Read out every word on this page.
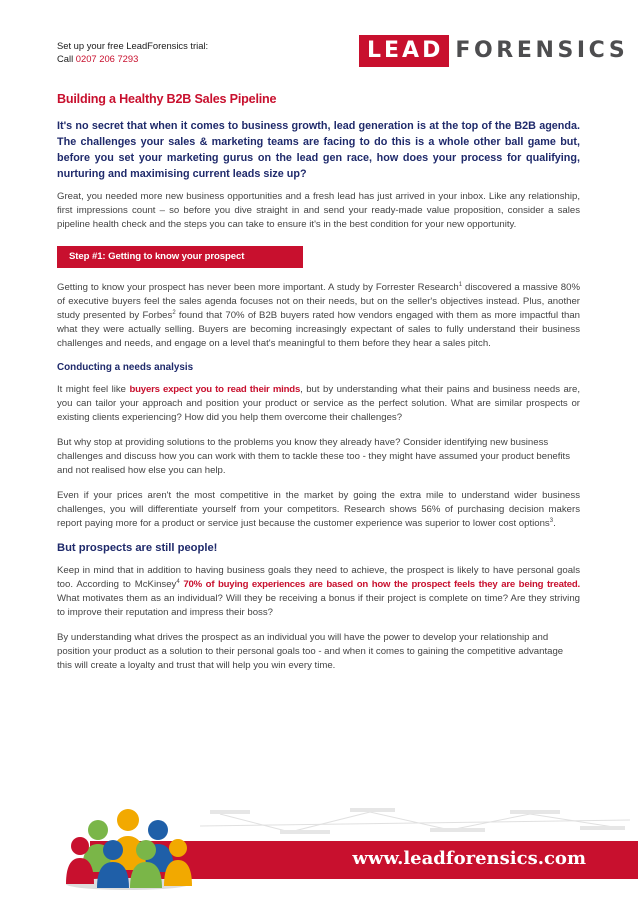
Set up your free LeadForensics trial:
Call 0207 206 7293	LEAD FORENSICS
Building a Healthy B2B Sales Pipeline
It's no secret that when it comes to business growth, lead generation is at the top of the B2B agenda. The challenges your sales & marketing teams are facing to do this is a whole other ball game but, before you set your marketing gurus on the lead gen race, how does your process for qualifying, nurturing and maximising current leads size up?
Great, you needed more new business opportunities and a fresh lead has just arrived in your inbox. Like any relationship, first impressions count – so before you dive straight in and send your ready-made value proposition, consider a sales pipeline health check and the steps you can take to ensure it's in the best condition for your new opportunity.
Step #1: Getting to know your prospect
Getting to know your prospect has never been more important. A study by Forrester Research$^1$ discovered a massive 80% of executive buyers feel the sales agenda focuses not on their needs, but on the seller's objectives instead. Plus, another study presented by Forbes$^2$ found that 70% of B2B buyers rated how vendors engaged with them as more impactful than what they were actually selling. Buyers are becoming increasingly expectant of sales to fully understand their business challenges and needs, and engage on a level that's meaningful to them before they hear a sales pitch.
Conducting a needs analysis
It might feel like buyers expect you to read their minds, but by understanding what their pains and business needs are, you can tailor your approach and position your product or service as the perfect solution. What are similar prospects or existing clients experiencing? How did you help them overcome their challenges?
But why stop at providing solutions to the problems you know they already have? Consider identifying new business challenges and discuss how you can work with them to tackle these too - they might have assumed your product benefits and not realised how else you can help.
Even if your prices aren't the most competitive in the market by going the extra mile to understand wider business challenges, you will differentiate yourself from your competitors. Research shows 56% of purchasing decision makers report paying more for a product or service just because the customer experience was superior to lower cost options$^3$.
But prospects are still people!
Keep in mind that in addition to having business goals they need to achieve, the prospect is likely to have personal goals too. According to McKinsey$^4$ 70% of buying experiences are based on how the prospect feels they are being treated. What motivates them as an individual? Will they be receiving a bonus if their project is complete on time? Are they striving to improve their reputation and impress their boss?
By understanding what drives the prospect as an individual you will have the power to develop your relationship and position your product as a solution to their personal goals too - and when it comes to gaining the competitive advantage this will create a loyalty and trust that will help you win every time.
www.leadforensics.com
